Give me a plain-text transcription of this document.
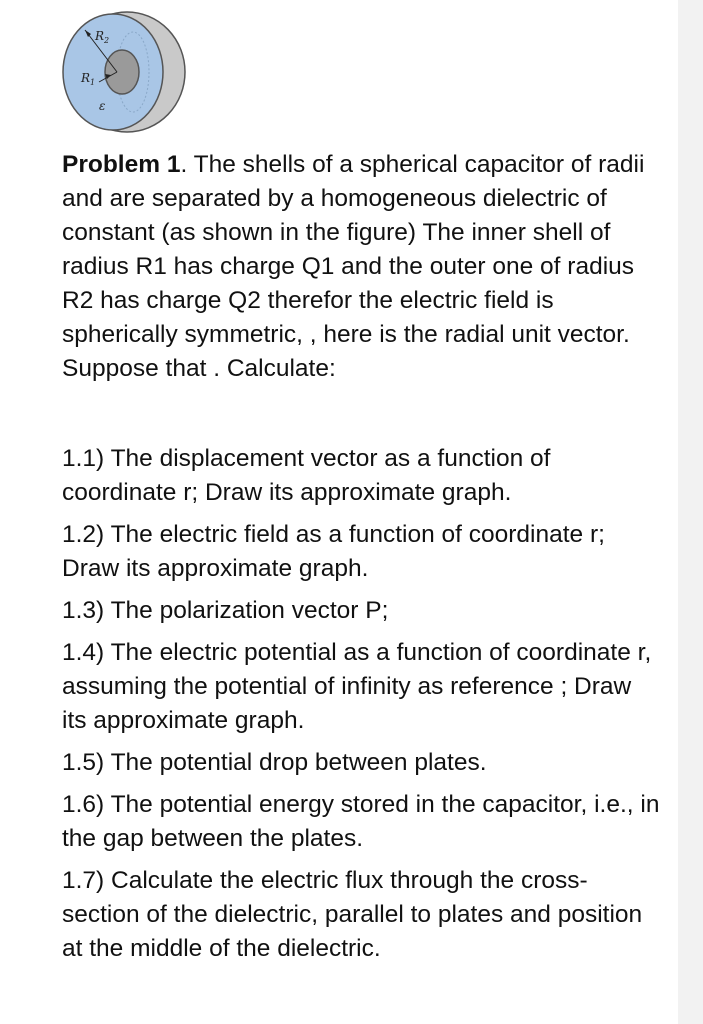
$R_2$
$R_1$
ε

Problem 1. The shells of a spherical capacitor of radii and are separated by a homogeneous dielectric of constant (as shown in the figure) The inner shell of radius R1 has charge Q1 and the outer one of radius R2 has charge Q2 therefor the electric field is spherically symmetric, , here is the radial unit vector. Suppose that . Calculate:

1.1) The displacement vector as a function of coordinate r; Draw its approximate graph.

1.2) The electric field as a function of coordinate r; Draw its approximate graph.

1.3) The polarization vector P;

1.4) The electric potential as a function of coordinate r, assuming the potential of infinity as reference ; Draw its approximate graph.

1.5) The potential drop between plates.

1.6) The potential energy stored in the capacitor, i.e., in the gap between the plates.

1.7) Calculate the electric flux through the cross-section of the dielectric, parallel to plates and position at the middle of the dielectric.
